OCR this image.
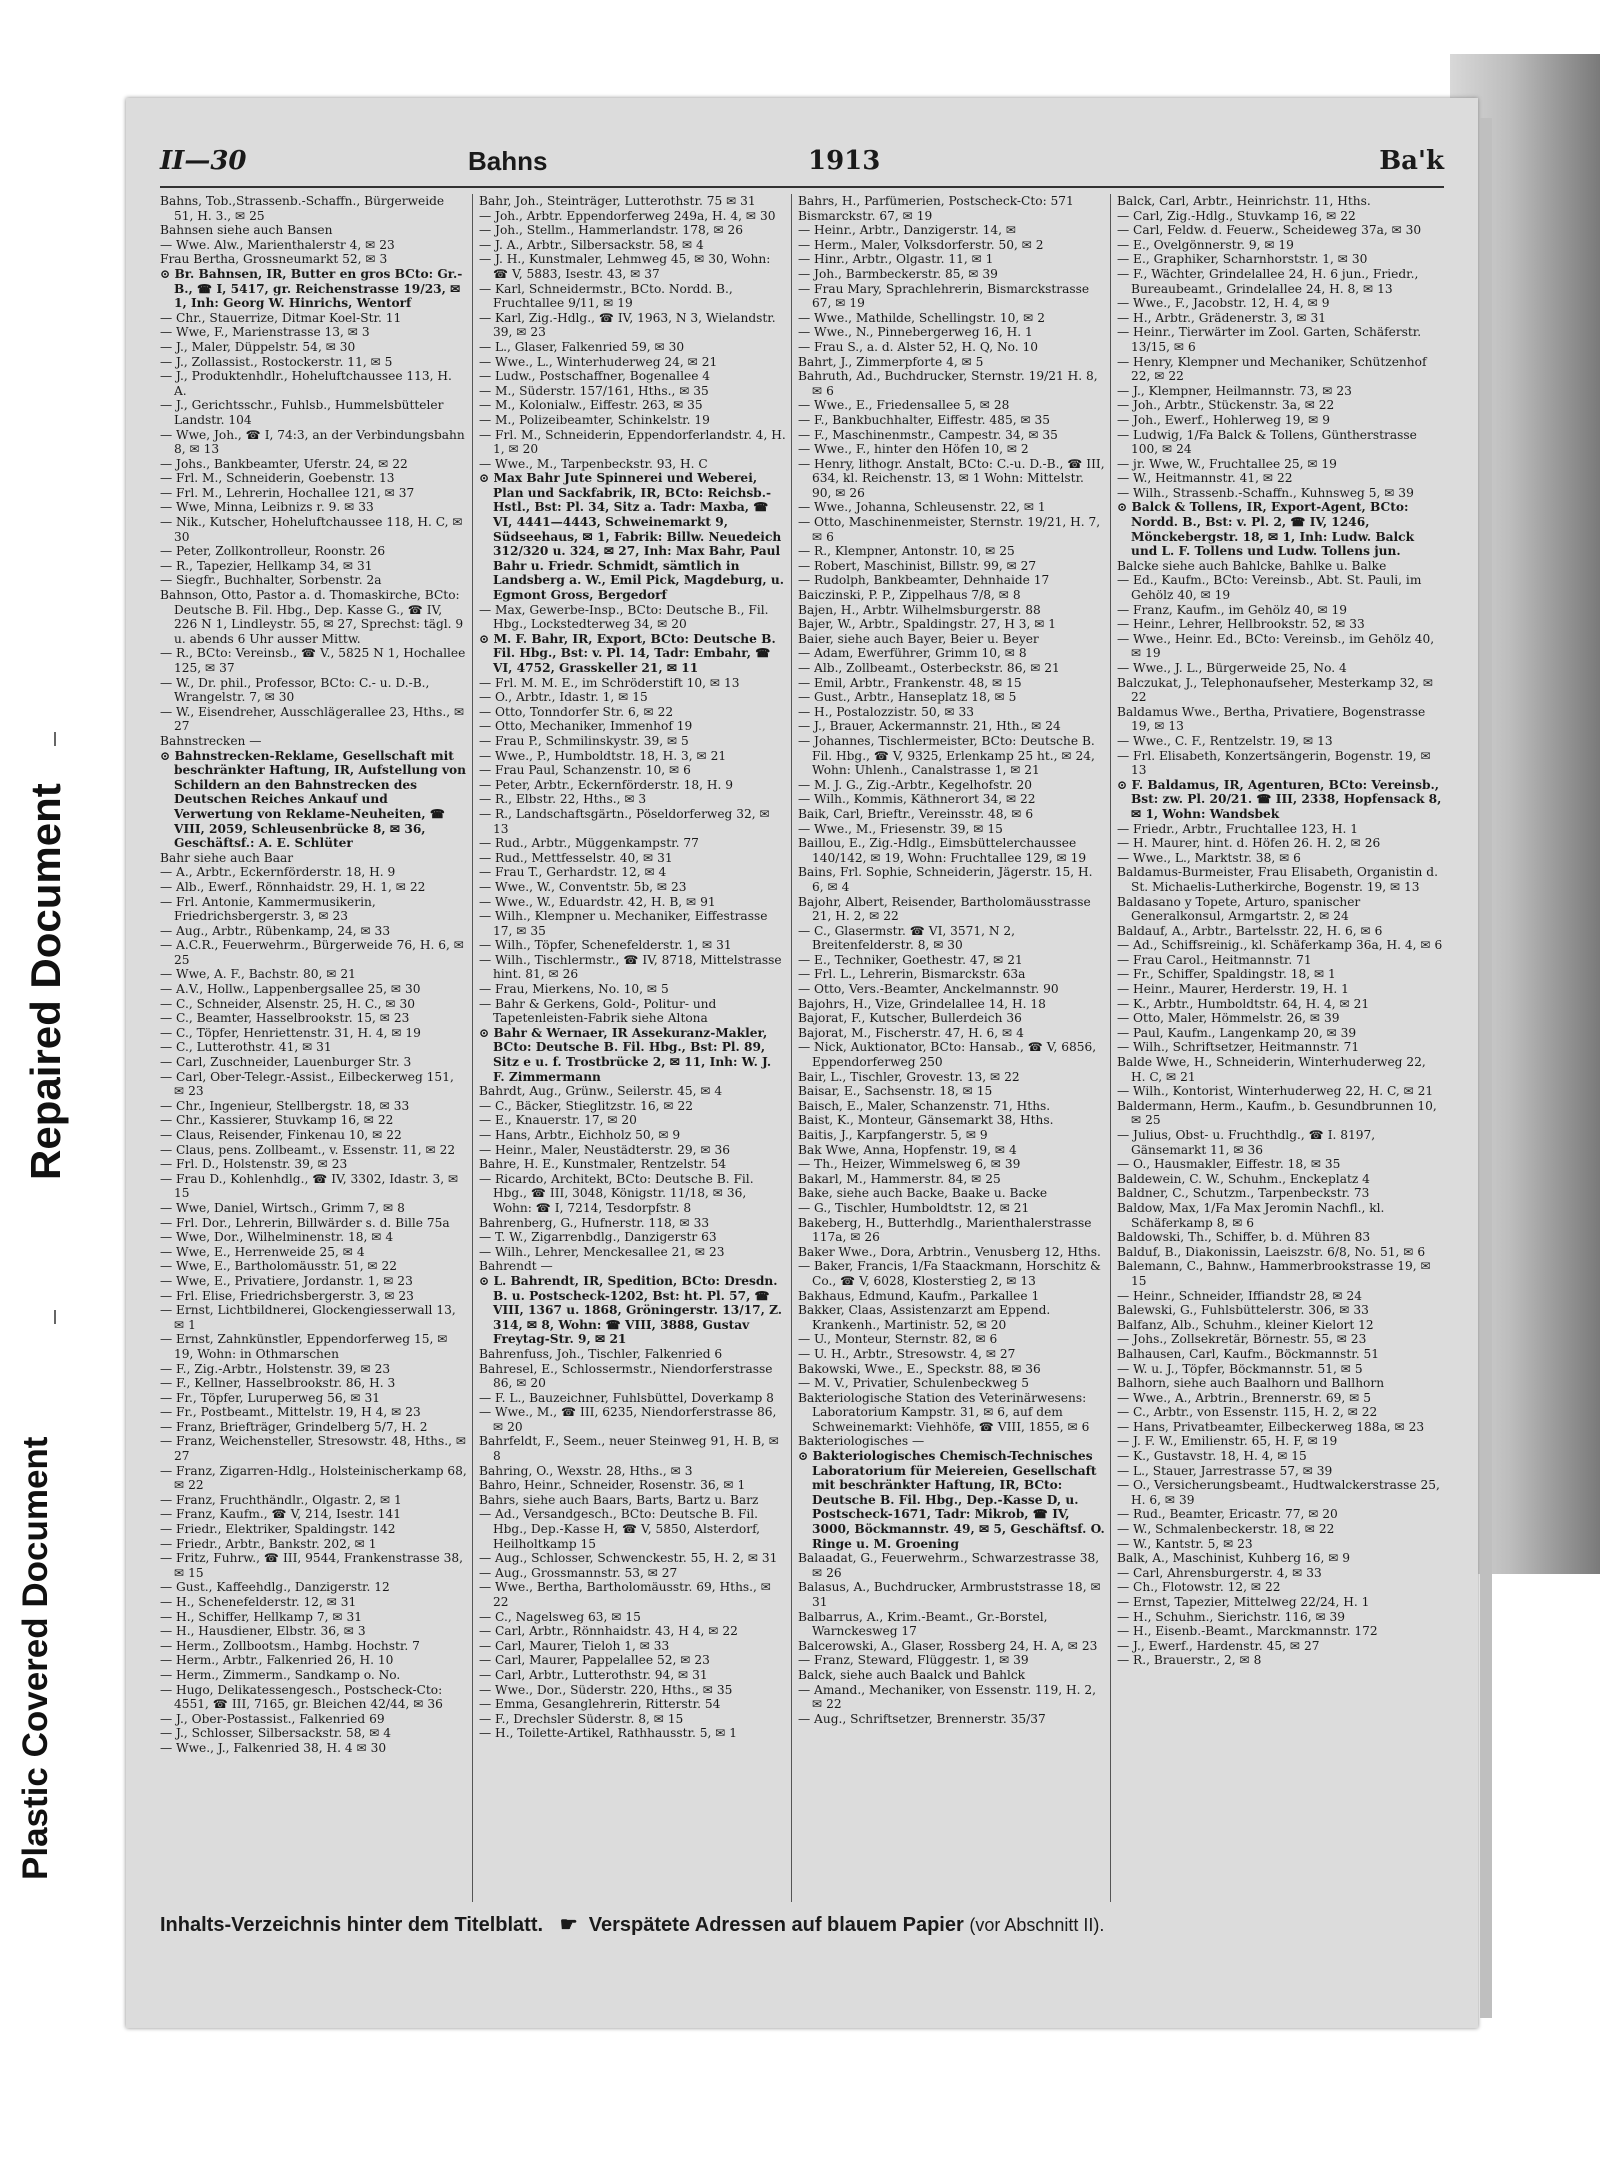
Plastic Covered Document
Repaired Document
II—30	Bahns	1913	Ba'k

Bahns, Tob.,Strassenb.-Schaffn., Bürgerweide 51, H. 3., ✉ 25

Bahnsen siehe auch Bansen

— Wwe. Alw., Marienthalerstr 4, ✉ 23

Frau Bertha, Grossneumarkt 52, ✉ 3

⊙ Br. Bahnsen, IR, Butter en gros BCto: Gr.-B., ☎ I, 5417, gr. Reichenstrasse 19/23, ✉ 1, Inh: Georg W. Hinrichs, Wentorf

— Chr., Stauerrize, Ditmar Koel-Str. 11

— Wwe, F., Marienstrasse 13, ✉ 3

— J., Maler, Düppelstr. 54, ✉ 30

— J., Zollassist., Rostockerstr. 11, ✉ 5

— J., Produktenhdlr., Hoheluftchaussee 113, H. A.

— J., Gerichtsschr., Fuhlsb., Hummelsbütteler Landstr. 104

— Wwe, Joh., ☎ I, 74:3, an der Verbindungsbahn 8, ✉ 13

— Johs., Bankbeamter, Uferstr. 24, ✉ 22

— Frl. M., Schneiderin, Goebenstr. 13

— Frl. M., Lehrerin, Hochallee 121, ✉ 37

— Wwe, Minna, Leibnizs r. 9. ✉ 33

— Nik., Kutscher, Hoheluftchaussee 118, H. C, ✉ 30

— Peter, Zollkontrolleur, Roonstr. 26

— R., Tapezier, Hellkamp 34, ✉ 31

— Siegfr., Buchhalter, Sorbenstr. 2a

Bahnson, Otto, Pastor a. d. Thomaskirche, BCto: Deutsche B. Fil. Hbg., Dep. Kasse G., ☎ IV, 226 N 1, Lindleystr. 55, ✉ 27, Sprechst: tägl. 9 u. abends 6 Uhr ausser Mittw.

— R., BCto: Vereinsb., ☎ V., 5825 N 1, Hochallee 125, ✉ 37

— W., Dr. phil., Professor, BCto: C.- u. D.-B., Wrangelstr. 7, ✉ 30

— W., Eisendreher, Ausschlägerallee 23, Hths., ✉ 27

Bahnstrecken —

⊙ Bahnstrecken-Reklame, Gesellschaft mit beschränkter Haftung, IR, Aufstellung von Schildern an den Bahnstrecken des Deutschen Reiches Ankauf und Verwertung von Reklame-Neuheiten, ☎ VIII, 2059, Schleusenbrücke 8, ✉ 36, Geschäftsf.: A. E. Schlüter

Bahr siehe auch Baar

— A., Arbtr., Eckernförderstr. 18, H. 9

— Alb., Ewerf., Rönnhaidstr. 29, H. 1, ✉ 22

— Frl. Antonie, Kammermusikerin, Friedrichsbergerstr. 3, ✉ 23

— Aug., Arbtr., Rübenkamp, 24, ✉ 33

— A.C.R., Feuerwehrm., Bürgerweide 76, H. 6, ✉ 25

— Wwe, A. F., Bachstr. 80, ✉ 21

— A.V., Hollw., Lappenbergsallee 25, ✉ 30

— C., Schneider, Alsenstr. 25, H. C., ✉ 30

— C., Beamter, Hasselbrookstr. 15, ✉ 23

— C., Töpfer, Henriettenstr. 31, H. 4, ✉ 19

— C., Lutterothstr. 41, ✉ 31

— Carl, Zuschneider, Lauenburger Str. 3

— Carl, Ober-Telegr.-Assist., Eilbeckerweg 151, ✉ 23

— Chr., Ingenieur, Stellbergstr. 18, ✉ 33

— Chr., Kassierer, Stuvkamp 16, ✉ 22

— Claus, Reisender, Finkenau 10, ✉ 22

— Claus, pens. Zollbeamt., v. Essenstr. 11, ✉ 22

— Frl. D., Holstenstr. 39, ✉ 23

— Frau D., Kohlenhdlg., ☎ IV, 3302, Idastr. 3, ✉ 15

— Wwe, Daniel, Wirtsch., Grimm 7, ✉ 8

— Frl. Dor., Lehrerin, Billwärder s. d. Bille 75a

— Wwe, Dor., Wilhelminenstr. 18, ✉ 4

— Wwe, E., Herrenweide 25, ✉ 4

— Wwe, E., Bartholomäusstr. 51, ✉ 22

— Wwe, E., Privatiere, Jordanstr. 1, ✉ 23

— Frl. Elise, Friedrichsbergerstr. 3, ✉ 23

— Ernst, Lichtbildnerei, Glockengiesserwall 13, ✉ 1

— Ernst, Zahnkünstler, Eppendorferweg 15, ✉ 19, Wohn: in Othmarschen

— F., Zig.-Arbtr., Holstenstr. 39, ✉ 23

— F., Kellner, Hasselbrookstr. 86, H. 3

— Fr., Töpfer, Luruperweg 56, ✉ 31

— Fr., Postbeamt., Mittelstr. 19, H 4, ✉ 23

— Franz, Briefträger, Grindelberg 5/7, H. 2

— Franz, Weichensteller, Stresowstr. 48, Hths., ✉ 27

— Franz, Zigarren-Hdlg., Holsteinischerkamp 68, ✉ 22

— Franz, Fruchthändlr., Olgastr. 2, ✉ 1

— Franz, Kaufm., ☎ V, 214, Isestr. 141

— Friedr., Elektriker, Spaldingstr. 142

— Friedr., Arbtr., Bankstr. 202, ✉ 1

— Fritz, Fuhrw., ☎ III, 9544, Frankenstrasse 38, ✉ 15

— Gust., Kaffeehdlg., Danzigerstr. 12

— H., Schenefelderstr. 12, ✉ 31

— H., Schiffer, Hellkamp 7, ✉ 31

— H., Hausdiener, Elbstr. 36, ✉ 3

— Herm., Zollbootsm., Hambg. Hochstr. 7

— Herm., Arbtr., Falkenried 26, H. 10

— Herm., Zimmerm., Sandkamp o. No.

— Hugo, Delikatessengesch., Postscheck-Cto: 4551, ☎ III, 7165, gr. Bleichen 42/44, ✉ 36

— J., Ober-Postassist., Falkenried 69

— J., Schlosser, Silbersackstr. 58, ✉ 4

— Wwe., J., Falkenried 38, H. 4 ✉ 30

Bahr, Joh., Steinträger, Lutterothstr. 75 ✉ 31

— Joh., Arbtr. Eppendorferweg 249a, H. 4, ✉ 30

— Joh., Stellm., Hammerlandstr. 178, ✉ 26

— J. A., Arbtr., Silbersackstr. 58, ✉ 4

— J. H., Kunstmaler, Lehmweg 45, ✉ 30, Wohn: ☎ V, 5883, Isestr. 43, ✉ 37

— Karl, Schneidermstr., BCto. Nordd. B., Fruchtallee 9/11, ✉ 19

— Karl, Zig.-Hdlg., ☎ IV, 1963, N 3, Wielandstr. 39, ✉ 23

— L., Glaser, Falkenried 59, ✉ 30

— Wwe., L., Winterhuderweg 24, ✉ 21

— Ludw., Postschaffner, Bogenallee 4

— M., Süderstr. 157/161, Hths., ✉ 35

— M., Kolonialw., Eiffestr. 263, ✉ 35

— M., Polizeibeamter, Schinkelstr. 19

— Frl. M., Schneiderin, Eppendorferlandstr. 4, H. 1, ✉ 20

— Wwe., M., Tarpenbeckstr. 93, H. C

⊙ Max Bahr Jute Spinnerei und Weberei, Plan und Sackfabrik, IR, BCto: Reichsb.-Hstl., Bst: Pl. 34, Sitz a. Tadr: Maxba, ☎ VI, 4441—4443, Schweinemarkt 9, Südseehaus, ✉ 1, Fabrik: Billw. Neuedeich 312/320 u. 324, ✉ 27, Inh: Max Bahr, Paul Bahr u. Friedr. Schmidt, sämtlich in Landsberg a. W., Emil Pick, Magdeburg, u. Egmont Gross, Bergedorf

— Max, Gewerbe-Insp., BCto: Deutsche B., Fil. Hbg., Lockstedterweg 34, ✉ 20

⊙ M. F. Bahr, IR, Export, BCto: Deutsche B. Fil. Hbg., Bst: v. Pl. 14, Tadr: Embahr, ☎ VI, 4752, Grasskeller 21, ✉ 11

— Frl. M. M. E., im Schröderstift 10, ✉ 13

— O., Arbtr., Idastr. 1, ✉ 15

— Otto, Tonndorfer Str. 6, ✉ 22

— Otto, Mechaniker, Immenhof 19

— Frau P., Schmilinskystr. 39, ✉ 5

— Wwe., P., Humboldtstr. 18, H. 3, ✉ 21

— Frau Paul, Schanzenstr. 10, ✉ 6

— Peter, Arbtr., Eckernförderstr. 18, H. 9

— R., Elbstr. 22, Hths., ✉ 3

— R., Landschaftsgärtn., Pöseldorferweg 32, ✉ 13

— Rud., Arbtr., Müggenkampstr. 77

— Rud., Mettfesselstr. 40, ✉ 31

— Frau T., Gerhardstr. 12, ✉ 4

— Wwe., W., Conventstr. 5b, ✉ 23

— Wwe., W., Eduardstr. 42, H. B, ✉ 91

— Wilh., Klempner u. Mechaniker, Eiffestrasse 17, ✉ 35

— Wilh., Töpfer, Schenefelderstr. 1, ✉ 31

— Wilh., Tischlermstr., ☎ IV, 8718, Mittelstrasse hint. 81, ✉ 26

— Frau, Mierkens, No. 10, ✉ 5

— Bahr & Gerkens, Gold-, Politur- und Tapetenleisten-Fabrik siehe Altona

⊙ Bahr & Wernaer, IR Assekuranz-Makler, BCto: Deutsche B. Fil. Hbg., Bst: Pl. 89, Sitz e u. f. Trostbrücke 2, ✉ 11, Inh: W. J. F. Zimmermann

Bahrdt, Aug., Grünw., Seilerstr. 45, ✉ 4

— C., Bäcker, Stieglitzstr. 16, ✉ 22

— E., Knauerstr. 17, ✉ 20

— Hans, Arbtr., Eichholz 50, ✉ 9

— Heinr., Maler, Neustädterstr. 29, ✉ 36

Bahre, H. E., Kunstmaler, Rentzelstr. 54

— Ricardo, Architekt, BCto: Deutsche B. Fil. Hbg., ☎ III, 3048, Königstr. 11/18, ✉ 36, Wohn: ☎ I, 7214, Tesdorpfstr. 8

Bahrenberg, G., Hufnerstr. 118, ✉ 33

— T. W., Zigarrenbdlg., Danzigerstr 63

— Wilh., Lehrer, Menckesallee 21, ✉ 23

Bahrendt —

⊙ L. Bahrendt, IR, Spedition, BCto: Dresdn. B. u. Postscheck-1202, Bst: ht. Pl. 57, ☎ VIII, 1367 u. 1868, Gröningerstr. 13/17, Z. 314, ✉ 8, Wohn: ☎ VIII, 3888, Gustav Freytag-Str. 9, ✉ 21

Bahrenfuss, Joh., Tischler, Falkenried 6

Bahresel, E., Schlossermstr., Niendorferstrasse 86, ✉ 20

— F. L., Bauzeichner, Fuhlsbüttel, Doverkamp 8

— Wwe., M., ☎ III, 6235, Niendorferstrasse 86, ✉ 20

Bahrfeldt, F., Seem., neuer Steinweg 91, H. B, ✉ 8

Bahring, O., Wexstr. 28, Hths., ✉ 3

Bahro, Heinr., Schneider, Rosenstr. 36, ✉ 1

Bahrs, siehe auch Baars, Barts, Bartz u. Barz

— Ad., Versandgesch., BCto: Deutsche B. Fil. Hbg., Dep.-Kasse H, ☎ V, 5850, Alsterdorf, Heilholtkamp 15

— Aug., Schlosser, Schwenckestr. 55, H. 2, ✉ 31

— Aug., Grossmannstr. 53, ✉ 27

— Wwe., Bertha, Bartholomäusstr. 69, Hths., ✉ 22

— C., Nagelsweg 63, ✉ 15

— Carl, Arbtr., Rönnhaidstr. 43, H 4, ✉ 22

— Carl, Maurer, Tieloh 1, ✉ 33

— Carl, Maurer, Pappelallee 52, ✉ 23

— Carl, Arbtr., Lutterothstr. 94, ✉ 31

— Wwe., Dor., Süderstr. 220, Hths., ✉ 35

— Emma, Gesanglehrerin, Ritterstr. 54

— F., Drechsler Süderstr. 8, ✉ 15

— H., Toilette-Artikel, Rathhausstr. 5, ✉ 1

Bahrs, H., Parfümerien, Postscheck-Cto: 571

Bismarckstr. 67, ✉ 19

— Heinr., Arbtr., Danzigerstr. 14, ✉

— Herm., Maler, Volksdorferstr. 50, ✉ 2

— Hinr., Arbtr., Olgastr. 11, ✉ 1

— Joh., Barmbeckerstr. 85, ✉ 39

— Frau Mary, Sprachlehrerin, Bismarckstrasse 67, ✉ 19

— Wwe., Mathilde, Schellingstr. 10, ✉ 2

— Wwe., N., Pinnebergerweg 16, H. 1

— Frau S., a. d. Alster 52, H. Q, No. 10

Bahrt, J., Zimmerpforte 4, ✉ 5

Bahruth, Ad., Buchdrucker, Sternstr. 19/21 H. 8, ✉ 6

— Wwe., E., Friedensallee 5, ✉ 28

— F., Bankbuchhalter, Eiffestr. 485, ✉ 35

— F., Maschinenmstr., Campestr. 34, ✉ 35

— Wwe., F., hinter den Höfen 10, ✉ 2

— Henry, lithogr. Anstalt, BCto: C.-u. D.-B., ☎ III, 634, kl. Reichenstr. 13, ✉ 1 Wohn: Mittelstr. 90, ✉ 26

— Wwe., Johanna, Schleusenstr. 22, ✉ 1

— Otto, Maschinenmeister, Sternstr. 19/21, H. 7, ✉ 6

— R., Klempner, Antonstr. 10, ✉ 25

— Robert, Maschinist, Billstr. 99, ✉ 27

— Rudolph, Bankbeamter, Dehnhaide 17

Baiczinski, P. P., Zippelhaus 7/8, ✉ 8

Bajen, H., Arbtr. Wilhelmsburgerstr. 88

Bajer, W., Arbtr., Spaldingstr. 27, H 3, ✉ 1

Baier, siehe auch Bayer, Beier u. Beyer

— Adam, Ewerführer, Grimm 10, ✉ 8

— Alb., Zollbeamt., Osterbeckstr. 86, ✉ 21

— Emil, Arbtr., Frankenstr. 48, ✉ 15

— Gust., Arbtr., Hanseplatz 18, ✉ 5

— H., Postalozzistr. 50, ✉ 33

— J., Brauer, Ackermannstr. 21, Hth., ✉ 24

— Johannes, Tischlermeister, BCto: Deutsche B. Fil. Hbg., ☎ V, 9325, Erlenkamp 25 ht., ✉ 24, Wohn: Uhlenh., Canalstrasse 1, ✉ 21

— M. J. G., Zig.-Arbtr., Kegelhofstr. 20

— Wilh., Kommis, Käthnerort 34, ✉ 22

Baik, Carl, Brieftr., Vereinsstr. 48, ✉ 6

— Wwe., M., Friesenstr. 39, ✉ 15

Baillou, E., Zig.-Hdlg., Eimsbüttelerchaussee 140/142, ✉ 19, Wohn: Fruchtallee 129, ✉ 19

Bains, Frl. Sophie, Schneiderin, Jägerstr. 15, H. 6, ✉ 4

Bajohr, Albert, Reisender, Bartholomäusstrasse 21, H. 2, ✉ 22

— C., Glasermstr. ☎ VI, 3571, N 2, Breitenfelderstr. 8, ✉ 30

— E., Techniker, Goethestr. 47, ✉ 21

— Frl. L., Lehrerin, Bismarckstr. 63a

— Otto, Vers.-Beamter, Anckelmannstr. 90

Bajohrs, H., Vize, Grindelallee 14, H. 18

Bajorat, F., Kutscher, Bullerdeich 36

Bajorat, M., Fischerstr. 47, H. 6, ✉ 4

— Nick, Auktionator, BCto: Hansab., ☎ V, 6856, Eppendorferweg 250

Bair, L., Tischler, Grovestr. 13, ✉ 22

Baisar, E., Sachsenstr. 18, ✉ 15

Baisch, E., Maler, Schanzenstr. 71, Hths.

Baist, K., Monteur, Gänsemarkt 38, Hths.

Baitis, J., Karpfangerstr. 5, ✉ 9

Bak Wwe, Anna, Hopfenstr. 19, ✉ 4

— Th., Heizer, Wimmelsweg 6, ✉ 39

Bakarl, M., Hammerstr. 84, ✉ 25

Bake, siehe auch Backe, Baake u. Backe

— G., Tischler, Humboldtstr. 12, ✉ 21

Bakeberg, H., Butterhdlg., Marienthalerstrasse 117a, ✉ 26

Baker Wwe., Dora, Arbtrin., Venusberg 12, Hths.

— Baker, Francis, 1/Fa Staackmann, Horschitz & Co., ☎ V, 6028, Klosterstieg 2, ✉ 13

Bakhaus, Edmund, Kaufm., Parkallee 1

Bakker, Claas, Assistenzarzt am Eppend. Krankenh., Martinistr. 52, ✉ 20

— U., Monteur, Sternstr. 82, ✉ 6

— U. H., Arbtr., Stresowstr. 4, ✉ 27

Bakowski, Wwe., E., Speckstr. 88, ✉ 36

— M. V., Privatier, Schulenbeckweg 5

Bakteriologische Station des Veterinärwesens: Laboratorium Kampstr. 31, ✉ 6, auf dem Schweinemarkt: Viehhöfe, ☎ VIII, 1855, ✉ 6

Bakteriologisches —

⊙ Bakteriologisches Chemisch-Technisches Laboratorium für Meiereien, Gesellschaft mit beschränkter Haftung, IR, BCto: Deutsche B. Fil. Hbg., Dep.-Kasse D, u. Postscheck-1671, Tadr: Mikrob, ☎ IV, 3000, Böckmannstr. 49, ✉ 5, Geschäftsf. O. Ringe u. M. Groening

Balaadat, G., Feuerwehrm., Schwarzestrasse 38, ✉ 26

Balasus, A., Buchdrucker, Armbruststrasse 18, ✉ 31

Balbarrus, A., Krim.-Beamt., Gr.-Borstel, Warnckesweg 17

Balcerowski, A., Glaser, Rossberg 24, H. A, ✉ 23

— Franz, Steward, Flüggestr. 1, ✉ 39

Balck, siehe auch Baalck und Bahlck

— Amand., Mechaniker, von Essenstr. 119, H. 2, ✉ 22

— Aug., Schriftsetzer, Brennerstr. 35/37

Balck, Carl, Arbtr., Heinrichstr. 11, Hths.

— Carl, Zig.-Hdlg., Stuvkamp 16, ✉ 22

— Carl, Feldw. d. Feuerw., Scheideweg 37a, ✉ 30

— E., Ovelgönnerstr. 9, ✉ 19

— E., Graphiker, Scharnhorststr. 1, ✉ 30

— F., Wächter, Grindelallee 24, H. 6 jun., Friedr., Bureaubeamt., Grindelallee 24, H. 8, ✉ 13

— Wwe., F., Jacobstr. 12, H. 4, ✉ 9

— H., Arbtr., Grädenerstr. 3, ✉ 31

— Heinr., Tierwärter im Zool. Garten, Schäferstr. 13/15, ✉ 6

— Henry, Klempner und Mechaniker, Schützenhof 22, ✉ 22

— J., Klempner, Heilmannstr. 73, ✉ 23

— Joh., Arbtr., Stückenstr. 3a, ✉ 22

— Joh., Ewerf., Hohlerweg 19, ✉ 9

— Ludwig, 1/Fa Balck & Tollens, Güntherstrasse 100, ✉ 24

— jr. Wwe, W., Fruchtallee 25, ✉ 19

— W., Heitmannstr. 41, ✉ 22

— Wilh., Strassenb.-Schaffn., Kuhnsweg 5, ✉ 39

⊙ Balck & Tollens, IR, Export-Agent, BCto: Nordd. B., Bst: v. Pl. 2, ☎ IV, 1246, Mönckebergstr. 18, ✉ 1, Inh: Ludw. Balck und L. F. Tollens und Ludw. Tollens jun.

Balcke siehe auch Bahlcke, Bahlke u. Balke

— Ed., Kaufm., BCto: Vereinsb., Abt. St. Pauli, im Gehölz 40, ✉ 19

— Franz, Kaufm., im Gehölz 40, ✉ 19

— Heinr., Lehrer, Hellbrookstr. 52, ✉ 33

— Wwe., Heinr. Ed., BCto: Vereinsb., im Gehölz 40, ✉ 19

— Wwe., J. L., Bürgerweide 25, No. 4

Balczukat, J., Telephonaufseher, Mesterkamp 32, ✉ 22

Baldamus Wwe., Bertha, Privatiere, Bogenstrasse 19, ✉ 13

— Wwe., C. F., Rentzelstr. 19, ✉ 13

— Frl. Elisabeth, Konzertsängerin, Bogenstr. 19, ✉ 13

⊙ F. Baldamus, IR, Agenturen, BCto: Vereinsb., Bst: zw. Pl. 20/21. ☎ III, 2338, Hopfensack 8, ✉ 1, Wohn: Wandsbek

— Friedr., Arbtr., Fruchtallee 123, H. 1

— H. Maurer, hint. d. Höfen 26. H. 2, ✉ 26

— Wwe., L., Marktstr. 38, ✉ 6

Baldamus-Burmeister, Frau Elisabeth, Organistin d. St. Michaelis-Lutherkirche, Bogenstr. 19, ✉ 13

Baldasano y Topete, Arturo, spanischer Generalkonsul, Armgartstr. 2, ✉ 24

Baldauf, A., Arbtr., Bartelsstr. 22, H. 6, ✉ 6

— Ad., Schiffsreinig., kl. Schäferkamp 36a, H. 4, ✉ 6

— Frau Carol., Heitmannstr. 71

— Fr., Schiffer, Spaldingstr. 18, ✉ 1

— Heinr., Maurer, Herderstr. 19, H. 1

— K., Arbtr., Humboldtstr. 64, H. 4, ✉ 21

— Otto, Maler, Hömmelstr. 26, ✉ 39

— Paul, Kaufm., Langenkamp 20, ✉ 39

— Wilh., Schriftsetzer, Heitmannstr. 71

Balde Wwe, H., Schneiderin, Winterhuderweg 22, H. C, ✉ 21

— Wilh., Kontorist, Winterhuderweg 22, H. C, ✉ 21

Baldermann, Herm., Kaufm., b. Gesundbrunnen 10, ✉ 25

— Julius, Obst- u. Fruchthdlg., ☎ I. 8197, Gänsemarkt 11, ✉ 36

— O., Hausmakler, Eiffestr. 18, ✉ 35

Baldewein, C. W., Schuhm., Enckeplatz 4

Baldner, C., Schutzm., Tarpenbeckstr. 73

Baldow, Max, 1/Fa Max Jeromin Nachfl., kl. Schäferkamp 8, ✉ 6

Baldowski, Th., Schiffer, b. d. Mühren 83

Balduf, B., Diakonissin, Laeiszstr. 6/8, No. 51, ✉ 6

Balemann, C., Bahnw., Hammerbrookstrasse 19, ✉ 15

— Heinr., Schneider, Iffiandstr 28, ✉ 24

Balewski, G., Fuhlsbüttelerstr. 306, ✉ 33

Balfanz, Alb., Schuhm., kleiner Kielort 12

— Johs., Zollsekretär, Börnestr. 55, ✉ 23

Balhausen, Carl, Kaufm., Böckmannstr. 51

— W. u. J., Töpfer, Böckmannstr. 51, ✉ 5

Balhorn, siehe auch Baalhorn und Ballhorn

— Wwe., A., Arbtrin., Brennerstr. 69, ✉ 5

— C., Arbtr., von Essenstr. 115, H. 2, ✉ 22

— Hans, Privatbeamter, Eilbeckerweg 188a, ✉ 23

— J. F. W., Emilienstr. 65, H. F, ✉ 19

— K., Gustavstr. 18, H. 4, ✉ 15

— L., Stauer, Jarrestrasse 57, ✉ 39

— O., Versicherungsbeamt., Hudtwalckerstrasse 25, H. 6, ✉ 39

— Rud., Beamter, Ericastr. 77, ✉ 20

— W., Schmalenbeckerstr. 18, ✉ 22

— W., Kantstr. 5, ✉ 23

Balk, A., Maschinist, Kuhberg 16, ✉ 9

— Carl, Ahrensburgerstr. 4, ✉ 33

— Ch., Flotowstr. 12, ✉ 22

— Ernst, Tapezier, Mittelweg 22/24, H. 1

— H., Schuhm., Sierichstr. 116, ✉ 39

— H., Eisenb.-Beamt., Marckmannstr. 172

— J., Ewerf., Hardenstr. 45, ✉ 27

— R., Brauerstr., 2, ✉ 8

Inhalts-Verzeichnis hinter dem Titelblatt.   ☛  Verspätete Adressen auf blauem Papier (vor Abschnitt II).
